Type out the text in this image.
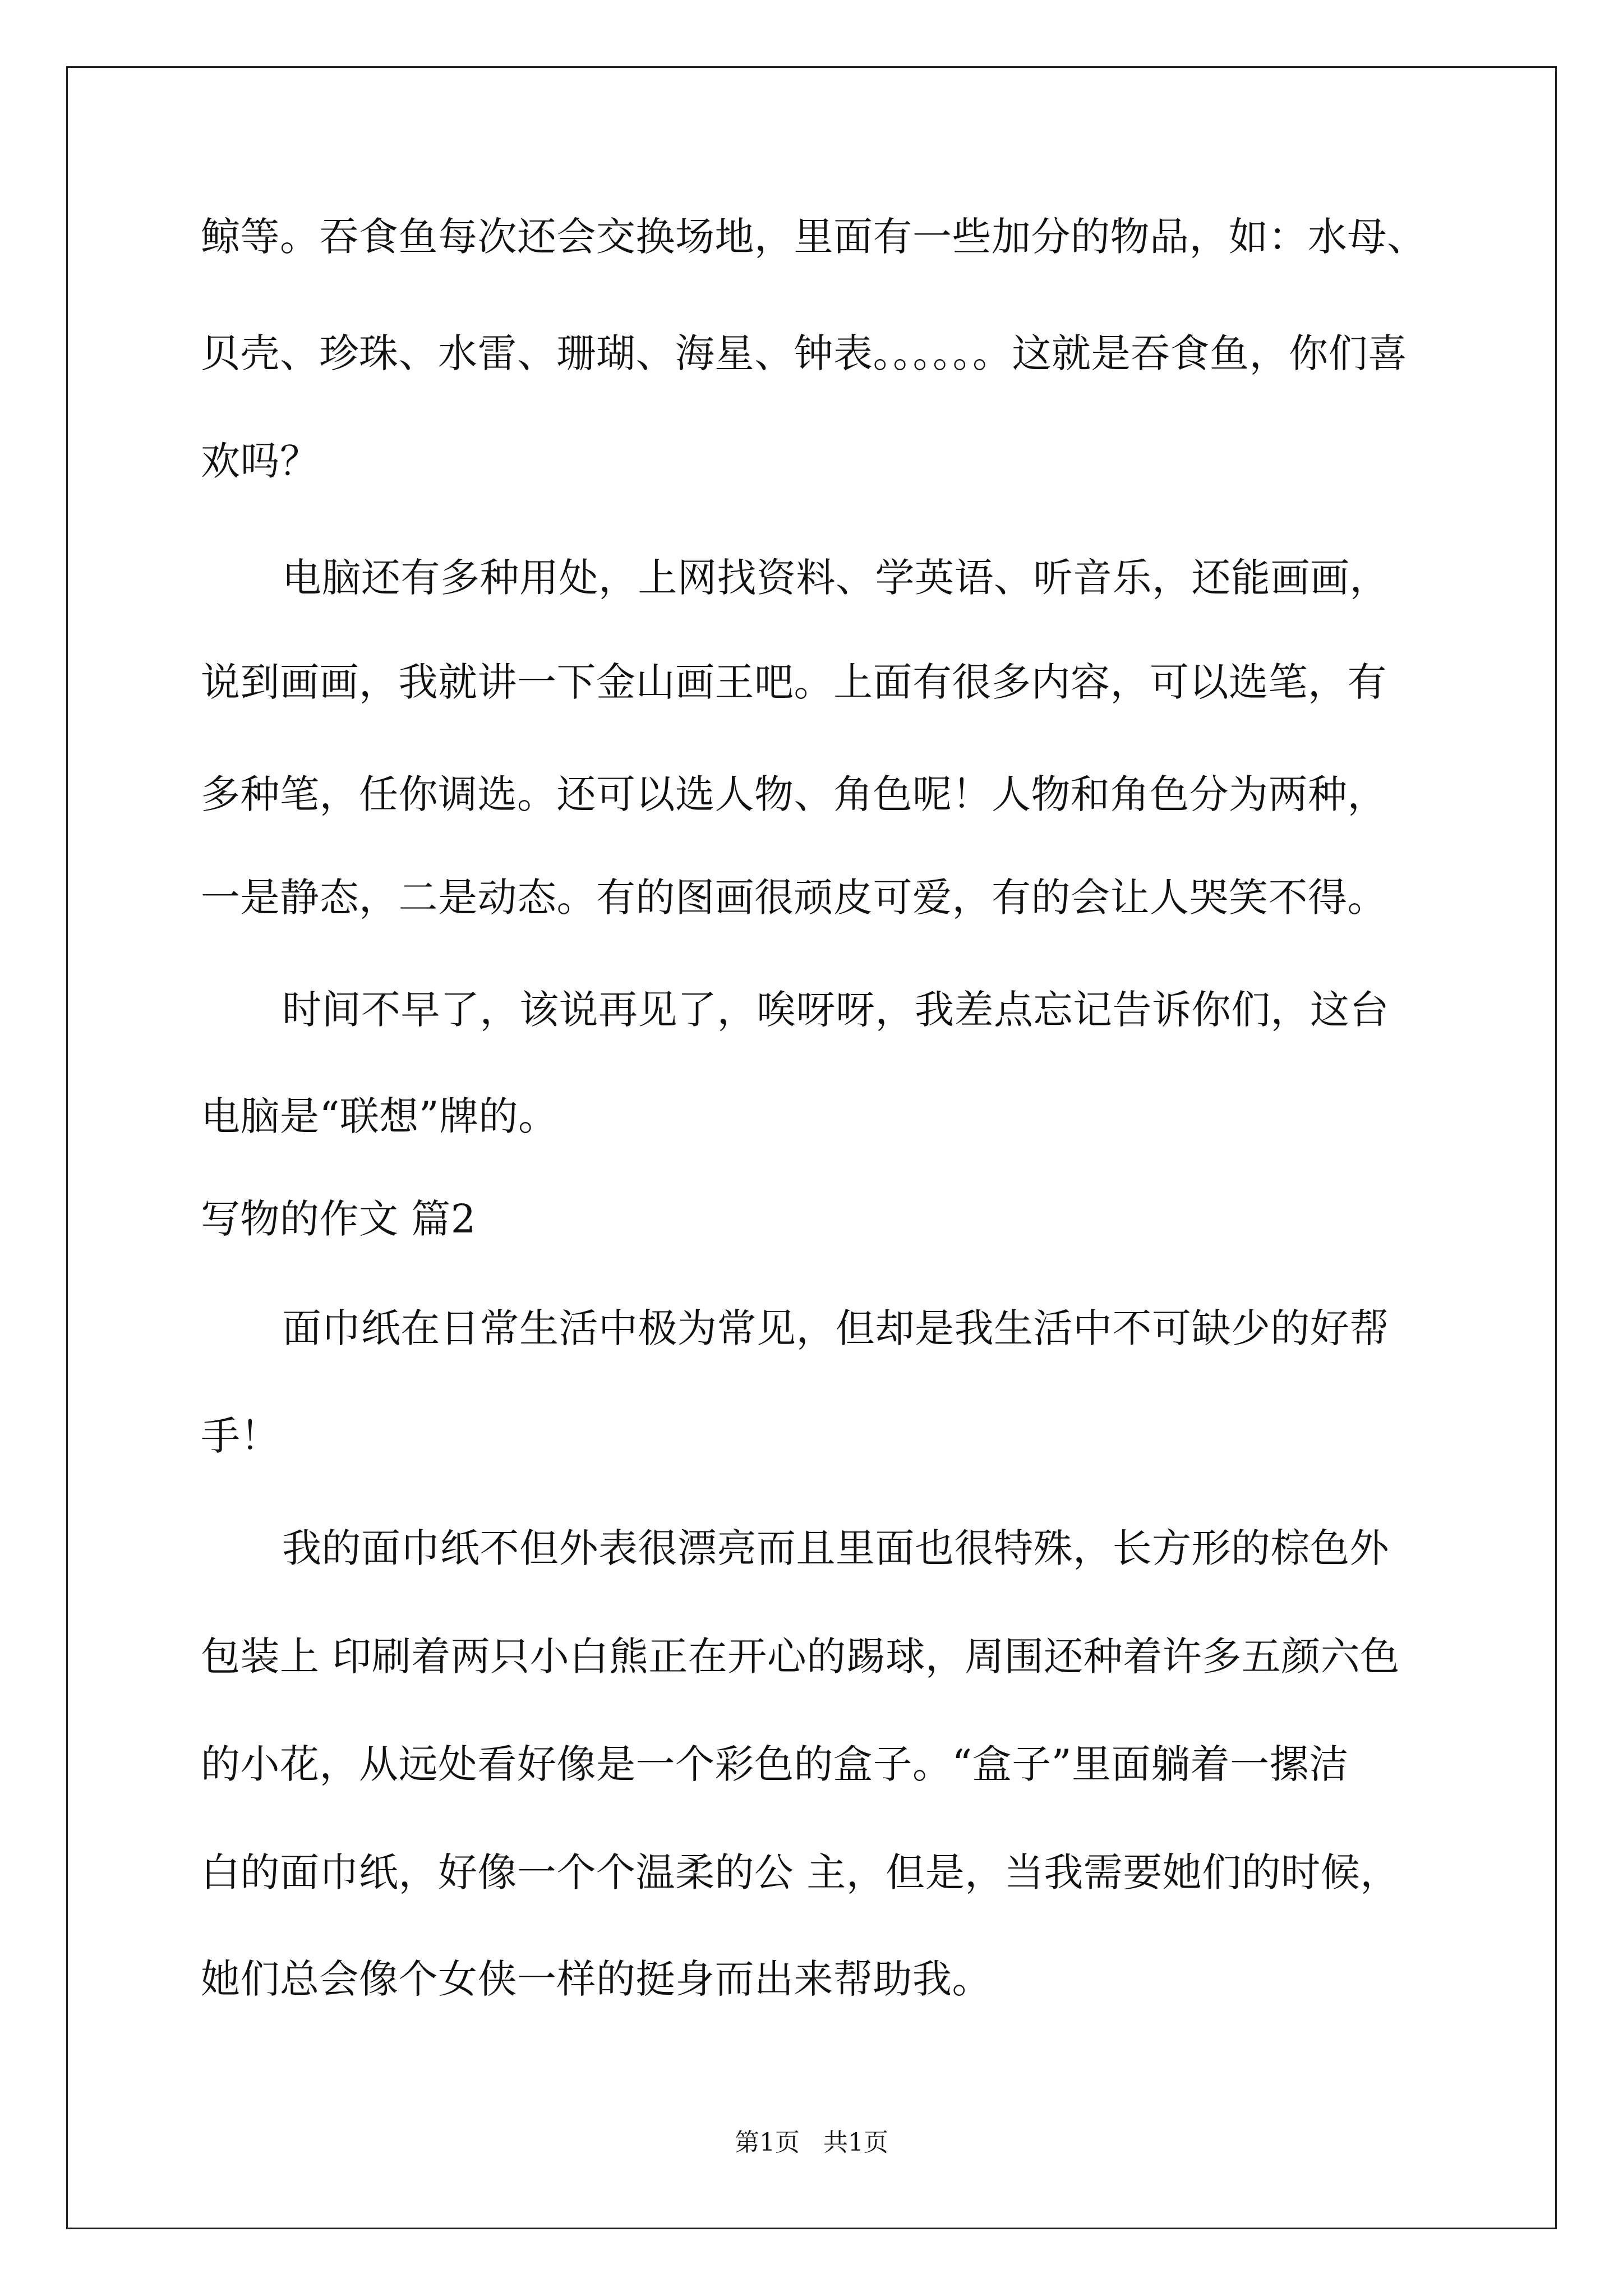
鲸等。吞食鱼每次还会交换场地，里面有一些加分的物品，如：水母、
贝壳、珍珠、水雷、珊瑚、海星、钟表。。。。。。这就是吞食鱼，你们喜
欢吗？
电脑还有多种用处，上网找资料、学英语、听音乐，还能画画，
说到画画，我就讲一下金山画王吧。上面有很多内容，可以选笔，有
多种笔，任你调选。还可以选人物、角色呢！人物和角色分为两种，
一是静态，二是动态。有的图画很顽皮可爱，有的会让人哭笑不得。
时间不早了，该说再见了，唉呀呀，我差点忘记告诉你们，这台
电脑是“联想”牌的。
写物的作文 篇2
面巾纸在日常生活中极为常见，但却是我生活中不可缺少的好帮
手！
我的面巾纸不但外表很漂亮而且里面也很特殊，长方形的棕色外
包装上 印刷着两只小白熊正在开心的踢球，周围还种着许多五颜六色
的小花，从远处看好像是一个彩色的盒子。“盒子”里面躺着一摞洁
白的面巾纸，好像一个个温柔的公 主，但是，当我需要她们的时候，
她们总会像个女侠一样的挺身而出来帮助我。
第1页   共1页
